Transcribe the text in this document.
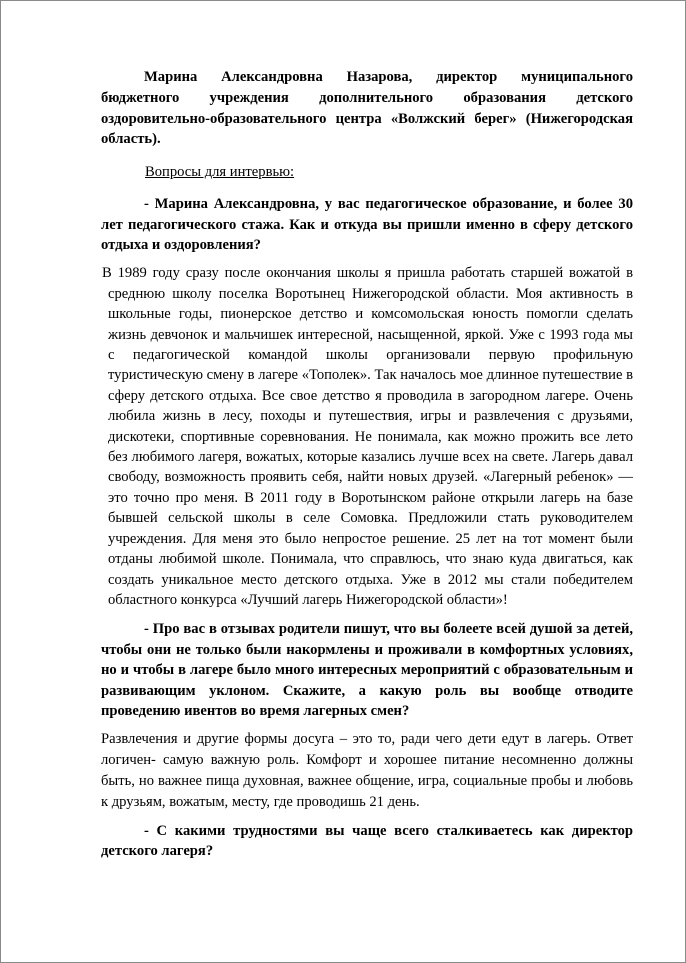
Марина Александровна Назарова, директор муниципального бюджетного учреждения дополнительного образования детского оздоровительно-образовательного центра «Волжский берег» (Нижегородская область).

Вопросы для интервью:

- Марина Александровна, у вас педагогическое образование, и более 30 лет педагогического стажа. Как и откуда вы пришли именно в сферу детского отдыха и оздоровления?

В 1989 году сразу после окончания школы я пришла работать старшей вожатой в среднюю школу поселка Воротынец Нижегородской области. Моя активность в школьные годы, пионерское детство и комсомольская юность помогли сделать жизнь девчонок и мальчишек интересной, насыщенной, яркой. Уже с 1993 года мы с педагогической командой школы организовали первую профильную туристическую смену в лагере «Тополек». Так началось мое длинное путешествие в сферу детского отдыха. Все свое детство я проводила в загородном лагере. Очень любила жизнь в лесу, походы и путешествия, игры и развлечения с друзьями, дискотеки, спортивные соревнования. Не понимала, как можно прожить все лето без любимого лагеря, вожатых, которые казались лучше всех на свете. Лагерь давал свободу, возможность проявить себя, найти новых друзей. «Лагерный ребенок» — это точно про меня. В 2011 году в Воротынском районе открыли лагерь на базе бывшей сельской школы в селе Сомовка. Предложили стать руководителем учреждения. Для меня это было непростое решение. 25 лет на тот момент были отданы любимой школе. Понимала, что справлюсь, что знаю куда двигаться, как создать уникальное место детского отдыха. Уже в 2012 мы стали победителем областного конкурса «Лучший лагерь Нижегородской области»!

- Про вас в отзывах родители пишут, что вы болеете всей душой за детей, чтобы они не только были накормлены и проживали в комфортных условиях, но и чтобы в лагере было много интересных мероприятий с образовательным и развивающим уклоном. Скажите, а какую роль вы вообще отводите проведению ивентов во время лагерных смен?

Развлечения и другие формы досуга – это то, ради чего дети едут в лагерь. Ответ логичен- самую важную роль. Комфорт и хорошее питание несомненно должны быть, но важнее пища духовная, важнее общение, игра, социальные пробы и любовь к друзьям, вожатым, месту, где проводишь 21 день.

- С какими трудностями вы чаще всего сталкиваетесь как директор детского лагеря?
